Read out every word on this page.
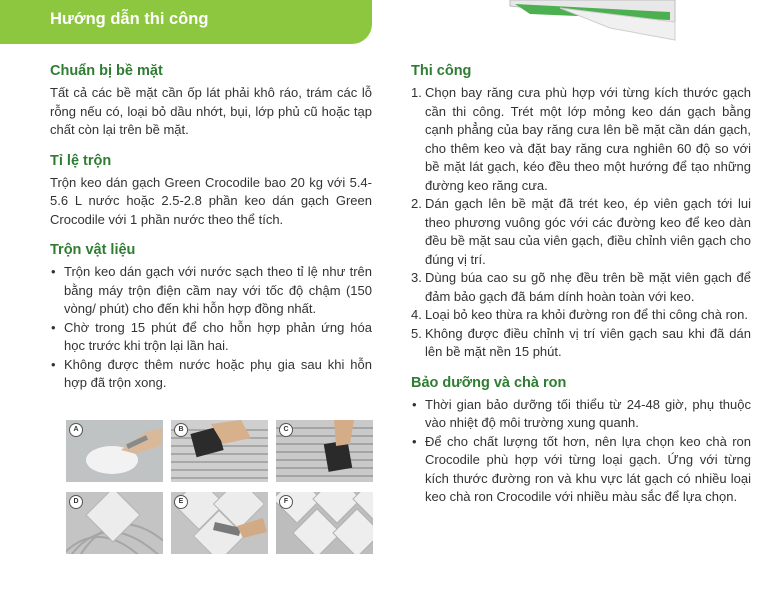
Hướng dẫn thi công
Chuẩn bị bề mặt

Tất cả các bề mặt cần ốp lát phải khô ráo, trám các lỗ rỗng nếu có, loại bỏ dầu nhớt, bụi, lớp phủ cũ hoặc tạp chất còn lại trên bề mặt.

Tỉ lệ trộn

Trộn keo dán gạch Green Crocodile bao 20 kg với 5.4-5.6 L nước hoặc 2.5-2.8 phần keo dán gạch Green Crocodile với 1 phần nước theo thể tích.

Trộn vật liệu
• Trộn keo dán gạch với nước sạch theo tỉ lệ như trên bằng máy trộn điện cầm nay với tốc độ chậm (150 vòng/ phút) cho đến khi hỗn hợp đồng nhất.
• Chờ trong 15 phút để cho hỗn hợp phản ứng hóa học trước khi trộn lại lần hai.
• Không được thêm nước hoặc phụ gia sau khi hỗn hợp đã trộn xong.
A	B	C
D	E	F
Thi công
1. Chọn bay răng cưa phù hợp với từng kích thước gạch cần thi công. Trét một lớp mỏng keo dán gạch bằng cạnh phẳng của bay răng cưa lên bề mặt cần dán gạch, cho thêm keo và đặt bay răng cưa nghiên 60 độ so với bề mặt lát gạch, kéo đều theo một hướng để tạo những đường keo răng cưa.
2. Dán gạch lên bề mặt đã trét keo, ép viên gạch tới lui theo phương vuông góc với các đường keo để keo dàn đều bề mặt sau của viên gạch, điều chỉnh viên gạch cho đúng vị trí.
3. Dùng búa cao su gõ nhẹ đều trên bề mặt viên gạch để đảm bảo gạch đã bám dính hoàn toàn với keo.
4. Loại bỏ keo thừa ra khỏi đường ron để thi công chà ron.
5. Không được điều chỉnh vị trí viên gạch sau khi đã dán lên bề mặt nền 15 phút.
Bảo dưỡng và chà ron
• Thời gian bảo dưỡng tối thiểu từ 24-48 giờ, phụ thuộc vào nhiệt độ môi trường xung quanh.
• Để cho chất lượng tốt hơn, nên lựa chọn keo chà ron Crocodile phù hợp với từng loại gạch. Ứng với từng kích thước đường ron và khu vực lát gạch có nhiều loại keo chà ron Crocodile với nhiều màu sắc để lựa chọn.
